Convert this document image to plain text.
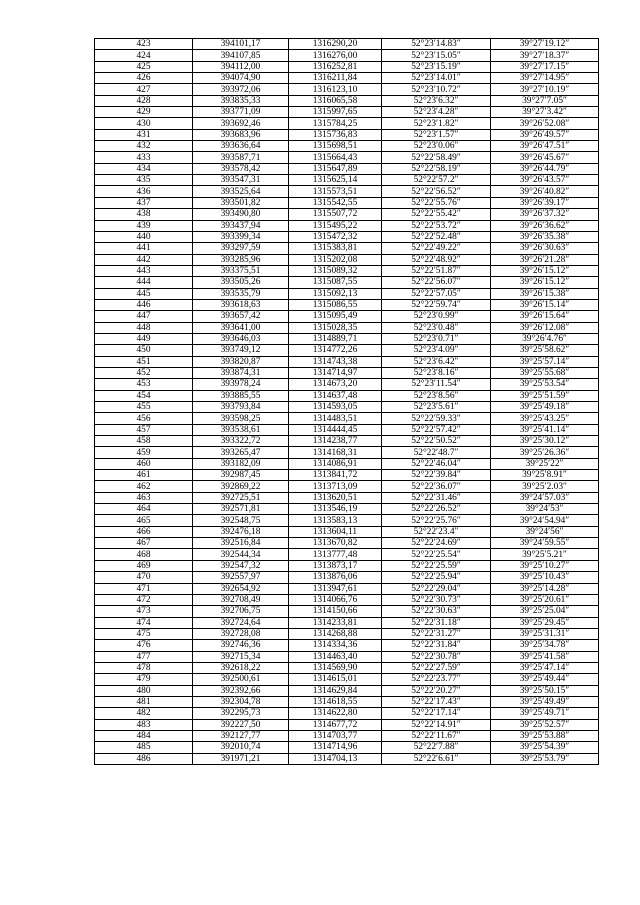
423	394101,17	1316290,20	52°23′14.83″	39°27′19.12″
424	394107,85	1316276,00	52°23′15.05″	39°27′18.37″
425	394112,00	1316252,81	52°23′15.19″	39°27′17.15″
426	394074,90	1316211,84	52°23′14.01″	39°27′14.95″
427	393972,06	1316123,10	52°23′10.72″	39°27′10.19″
428	393835,33	1316065,58	52°23′6.32″	39°27′7.05″
429	393771,09	1315997,65	52°23′4.28″	39°27′3.42″
430	393692,46	1315784,25	52°23′1.82″	39°26′52.08″
431	393683,96	1315736,83	52°23′1.57″	39°26′49.57″
432	393636,64	1315698,51	52°23′0.06″	39°26′47.51″
433	393587,71	1315664,43	52°22′58.49″	39°26′45.67″
434	393578,42	1315647,89	52°22′58.19″	39°26′44.79″
435	393547,31	1315625,14	52°22′57.2″	39°26′43.57″
436	393525,64	1315573,51	52°22′56.52″	39°26′40.82″
437	393501,82	1315542,55	52°22′55.76″	39°26′39.17″
438	393490,80	1315507,72	52°22′55.42″	39°26′37.32″
439	393437,94	1315495,22	52°22′53.72″	39°26′36.62″
440	393399,34	1315472,32	52°22′52.48″	39°26′35.38″
441	393297,59	1315383,81	52°22′49.22″	39°26′30.63″
442	393285,96	1315202,08	52°22′48.92″	39°26′21.28″
443	393375,51	1315089,32	52°22′51.87″	39°26′15.12″
444	393505,26	1315087,55	52°22′56.07″	39°26′15.12″
445	393535,79	1315092,13	52°22′57.05″	39°26′15.38″
446	393618,63	1315086,55	52°22′59.74″	39°26′15.14″
447	393657,42	1315095,49	52°23′0.99″	39°26′15.64″
448	393641,00	1315028,35	52°23′0.48″	39°26′12.08″
449	393646,03	1314889,71	52°23′0.71″	39°26′4.76″
450	393749,12	1314772,26	52°23′4.09″	39°25′58.62″
451	393820,87	1314743,38	52°23′6.42″	39°25′57.14″
452	393874,31	1314714,97	52°23′8.16″	39°25′55.68″
453	393978,24	1314673,20	52°23′11.54″	39°25′53.54″
454	393885,55	1314637,48	52°23′8.56″	39°25′51.59″
455	393793,84	1314593,05	52°23′5.61″	39°25′49.18″
456	393598,25	1314483,51	52°22′59.33″	39°25′43.25″
457	393538,61	1314444,45	52°22′57.42″	39°25′41.14″
458	393322,72	1314238,77	52°22′50.52″	39°25′30.12″
459	393265,47	1314168,31	52°22′48.7″	39°25′26.36″
460	393182,09	1314086,91	52°22′46.04″	39°25′22″
461	392987,45	1313841,72	52°22′39.84″	39°25′8.91″
462	392869,22	1313713,09	52°22′36.07″	39°25′2.03″
463	392725,51	1313620,51	52°22′31.46″	39°24′57.03″
464	392571,81	1313546,19	52°22′26.52″	39°24′53″
465	392548,75	1313583,13	52°22′25.76″	39°24′54.94″
466	392476,18	1313604,11	52°22′23.4″	39°24′56″
467	392516,84	1313670,82	52°22′24.69″	39°24′59.55″
468	392544,34	1313777,48	52°22′25.54″	39°25′5.21″
469	392547,32	1313873,17	52°22′25.59″	39°25′10.27″
470	392557,97	1313876,06	52°22′25.94″	39°25′10.43″
471	392654,92	1313947,61	52°22′29.04″	39°25′14.28″
472	392708,49	1314066,76	52°22′30.73″	39°25′20.61″
473	392706,75	1314150,66	52°22′30.63″	39°25′25.04″
474	392724,64	1314233,81	52°22′31.18″	39°25′29.45″
475	392728,08	1314268,88	52°22′31.27″	39°25′31.31″
476	392746,36	1314334,36	52°22′31.84″	39°25′34.78″
477	392715,34	1314463,40	52°22′30.78″	39°25′41.58″
478	392618,22	1314569,90	52°22′27.59″	39°25′47.14″
479	392500,61	1314615,01	52°22′23.77″	39°25′49.44″
480	392392,66	1314629,84	52°22′20.27″	39°25′50.15″
481	392304,78	1314618,55	52°22′17.43″	39°25′49.49″
482	392295,73	1314622,80	52°22′17.14″	39°25′49.71″
483	392227,50	1314677,72	52°22′14.91″	39°25′52.57″
484	392127,77	1314703,77	52°22′11.67″	39°25′53.88″
485	392010,74	1314714,96	52°22′7.88″	39°25′54.39″
486	391971,21	1314704,13	52°22′6.61″	39°25′53.79″
